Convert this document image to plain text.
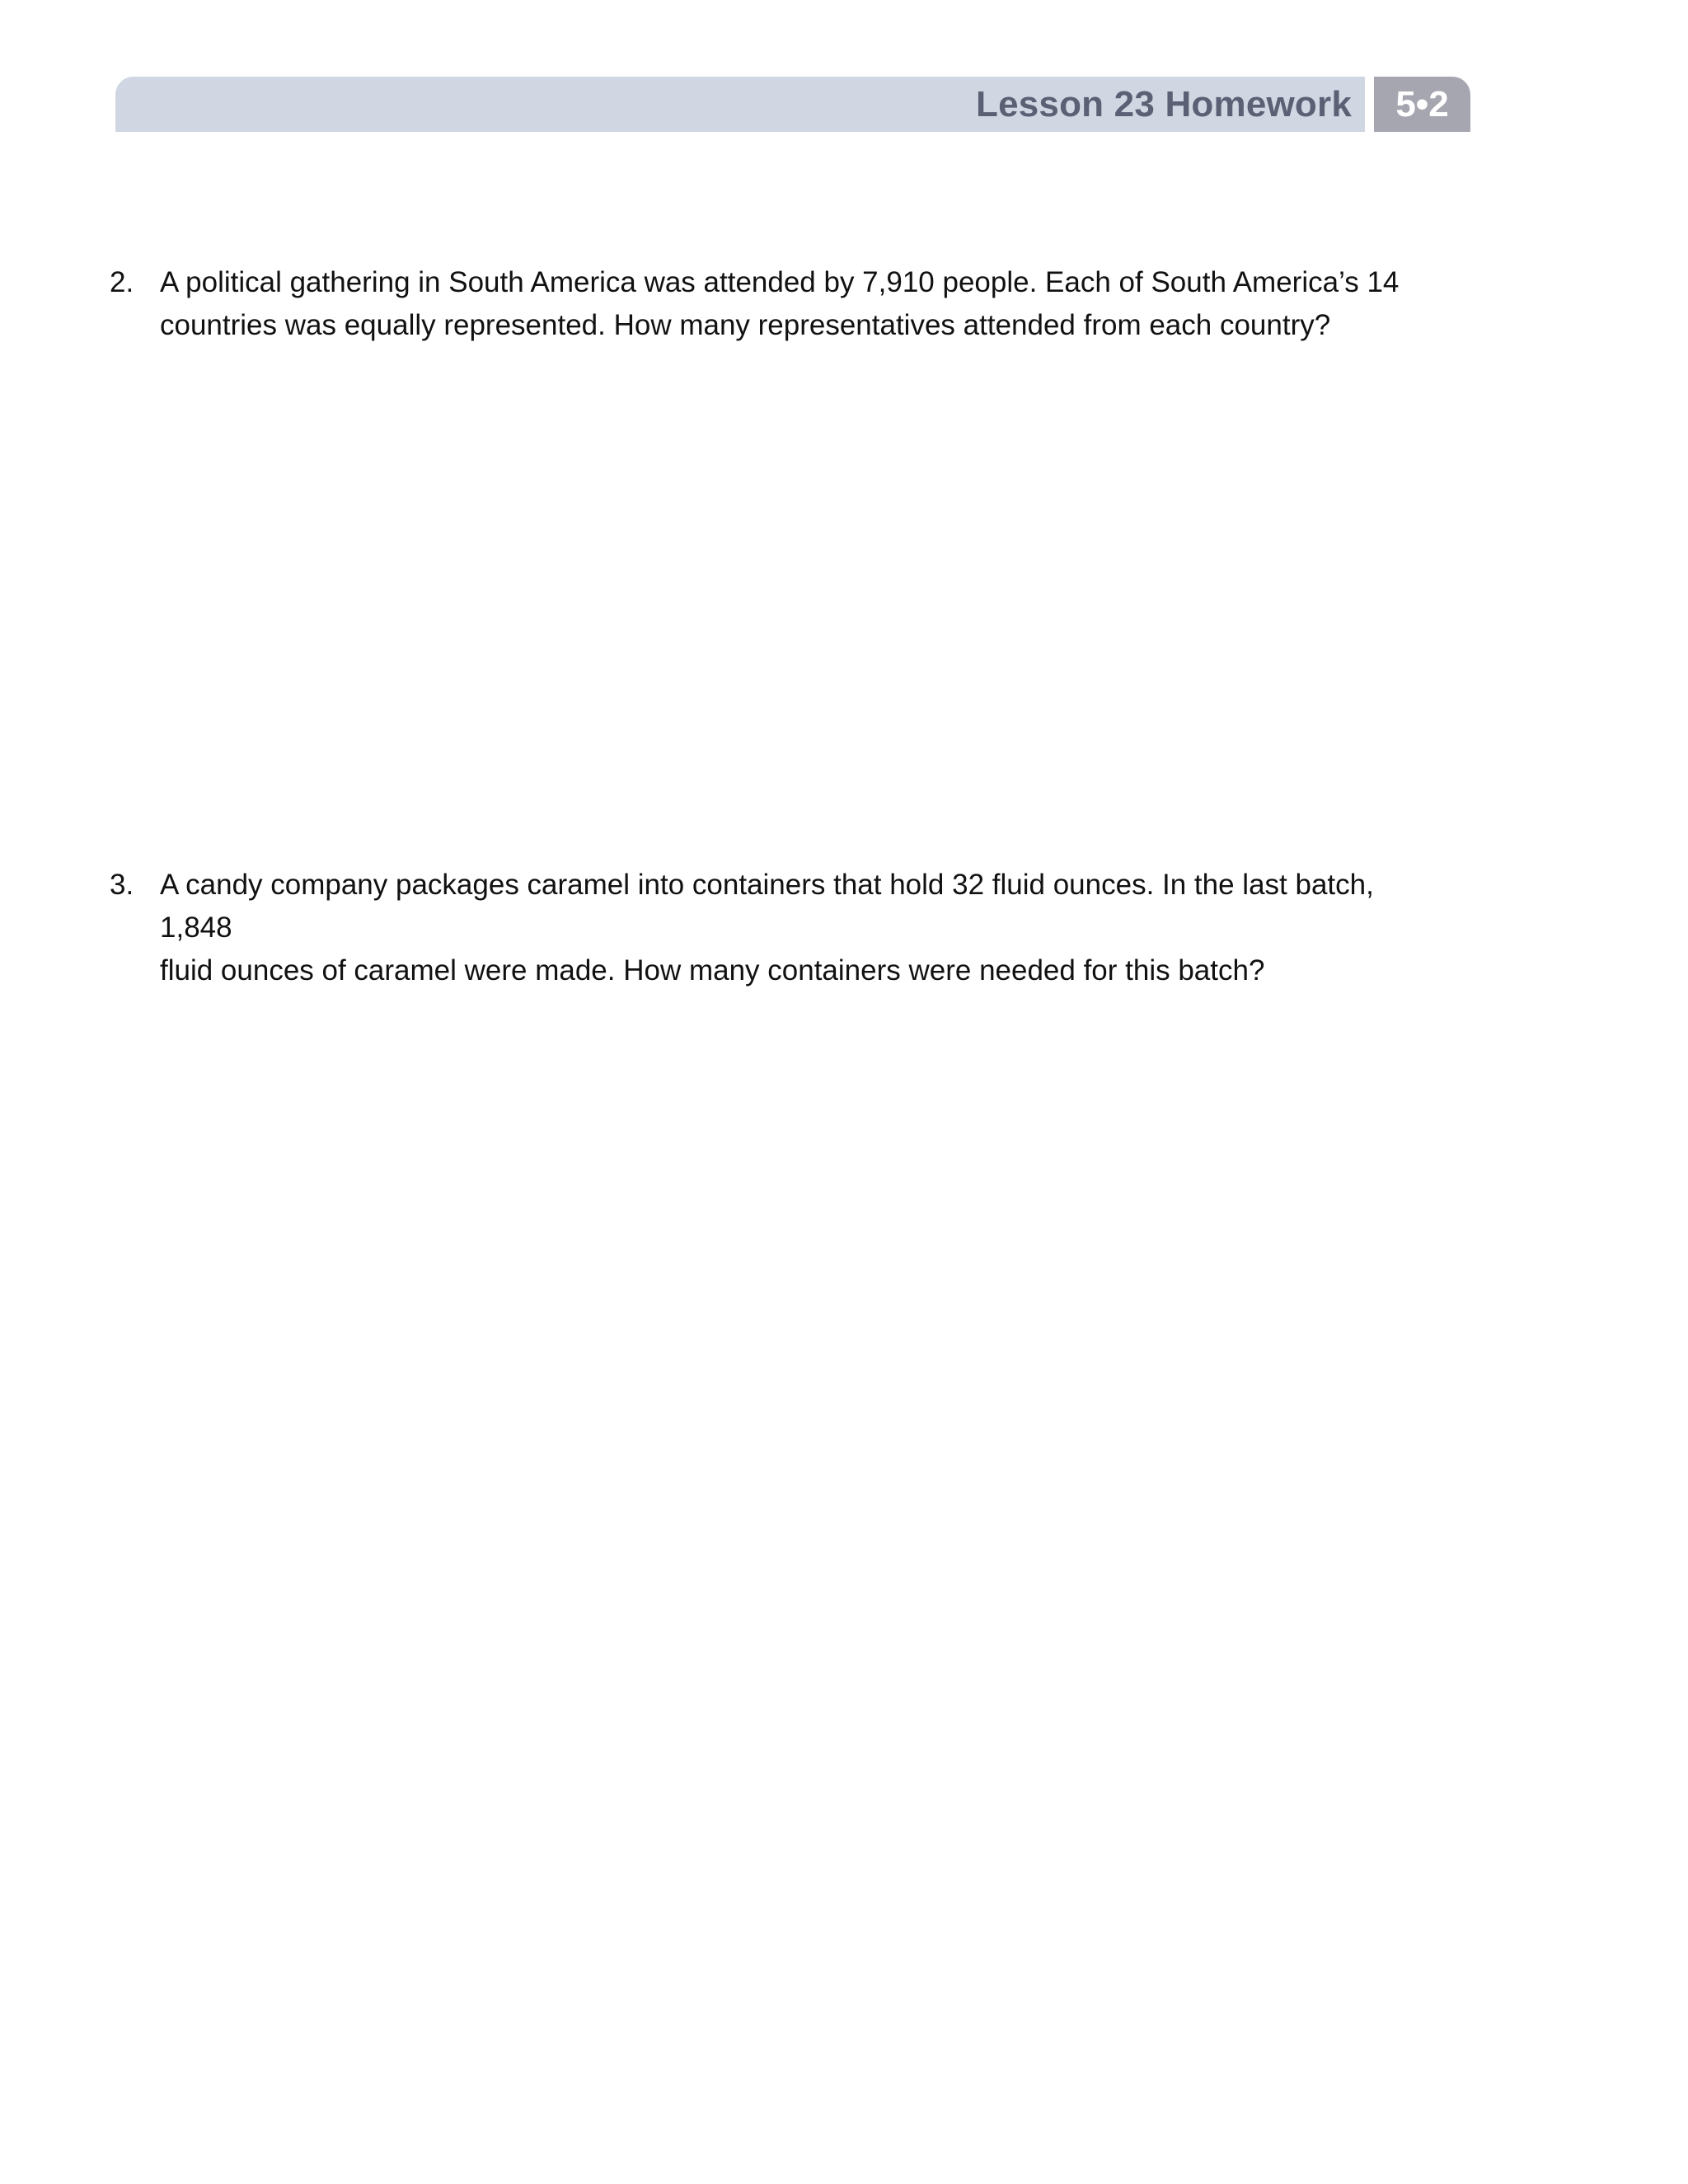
Lesson 23 Homework 5•2
2. A political gathering in South America was attended by 7,910 people. Each of South America’s 14
countries was equally represented. How many representatives attended from each country?
3. A candy company packages caramel into containers that hold 32 fluid ounces. In the last batch, 1,848
fluid ounces of caramel were made. How many containers were needed for this batch?
